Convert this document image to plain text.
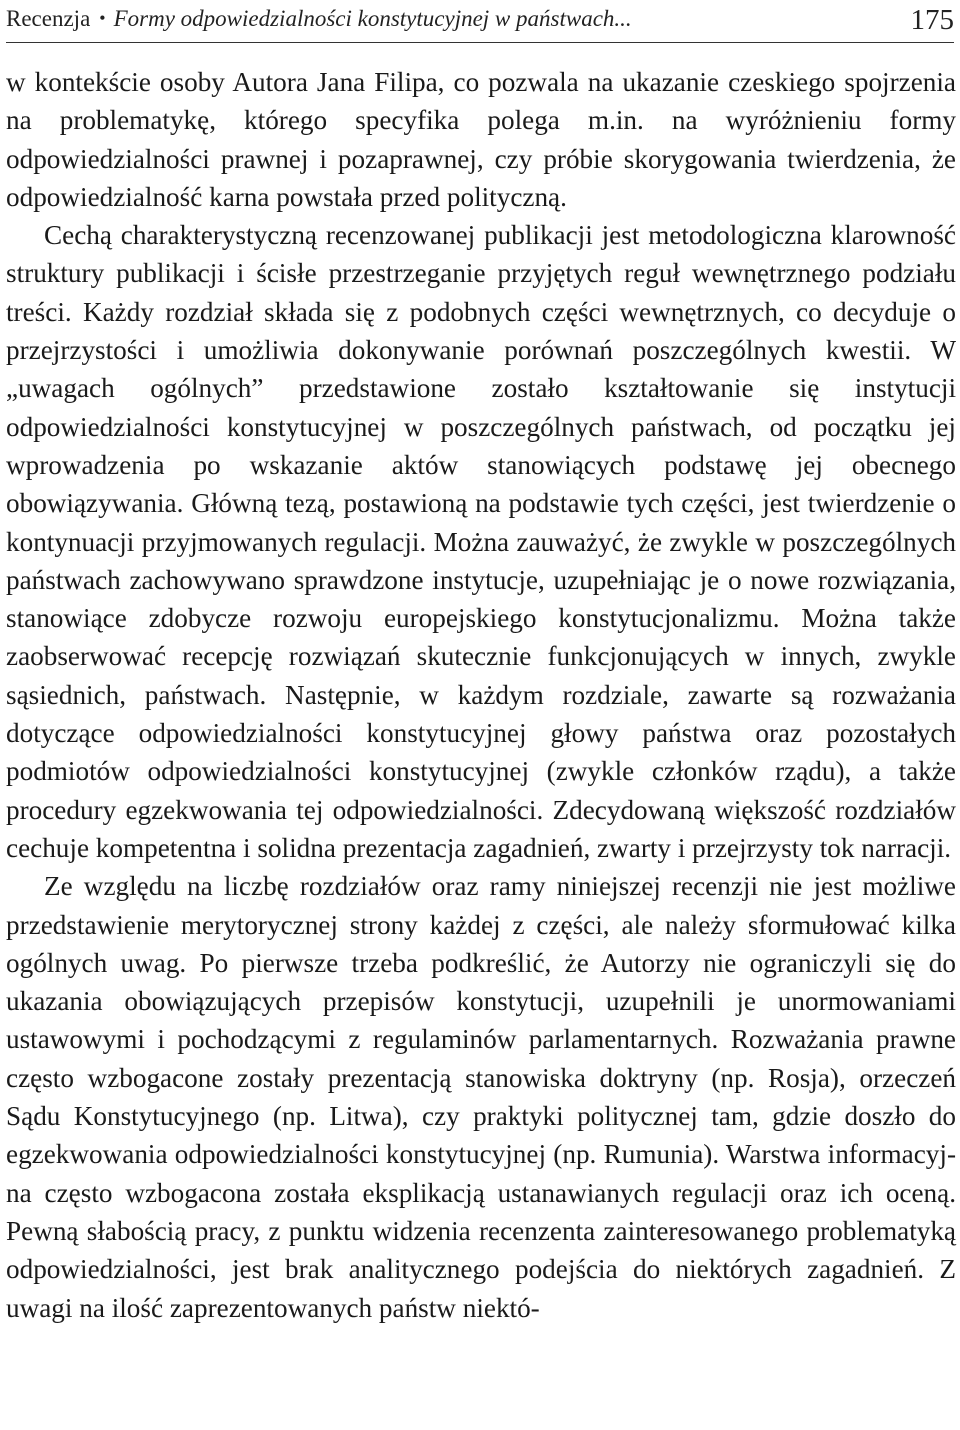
Recenzja • Formy odpowiedzialności konstytucyjnej w państwach...	175

w kontekście osoby Autora Jana Filipa, co pozwala na ukazanie czeskiego spojrzenia na problematykę, którego specyfika polega m.in. na wyróżnieniu formy odpowiedzialności prawnej i pozaprawnej, czy próbie skorygowania twierdzenia, że odpowiedzialność karna powstała przed polityczną.

Cechą charakterystyczną recenzowanej publikacji jest metodologiczna klarowność struktury publikacji i ścisłe przestrzeganie przyjętych reguł wewnętrznego podziału treści. Każdy rozdział składa się z podobnych części wewnętrznych, co decyduje o przejrzystości i umożliwia dokonywanie porównań poszczególnych kwestii. W „uwagach ogólnych” przedstawione zostało kształtowanie się instytucji odpowiedzialności konstytucyjnej w poszczególnych państwach, od początku jej wprowadzenia po wskazanie aktów stanowiących podstawę jej obecnego obowiązywania. Główną tezą, postawioną na podstawie tych części, jest twierdzenie o kontynuacji przyjmowanych regulacji. Można zauważyć, że zwykle w poszczególnych państwach zachowywano sprawdzone instytucje, uzupełniając je o nowe rozwiązania, stanowiące zdobycze rozwoju europejskiego konstytucjonalizmu. Można także zaobserwować recepcję rozwiązań skutecznie funkcjonujących w innych, zwykle sąsiednich, państwach. Następnie, w każdym rozdziale, zawarte są rozważania dotyczące odpowiedzialności konstytucyjnej głowy państwa oraz pozostałych podmiotów odpowiedzialności konstytucyjnej (zwykle członków rządu), a także procedury egzekwowania tej odpowiedzialności. Zdecydowaną większość rozdziałów cechuje kompetentna i solidna prezentacja zagadnień, zwarty i przejrzysty tok narracji.

Ze względu na liczbę rozdziałów oraz ramy niniejszej recenzji nie jest możliwe przedstawienie merytorycznej strony każdej z części, ale należy sformułować kilka ogólnych uwag. Po pierwsze trzeba podkreślić, że Autorzy nie ograniczyli się do ukazania obowiązujących przepisów konstytucji, uzupełnili je unormowaniami ustawowymi i pochodzącymi z regulaminów parlamentarnych. Rozważania prawne często wzbogacone zostały prezentacją stanowiska doktryny (np. Rosja), orzeczeń Sądu Konstytucyjnego (np. Litwa), czy praktyki politycznej tam, gdzie doszło do egzekwowania odpowiedzialności konstytucyjnej (np. Rumunia). Warstwa informacyjna często wzbogacona została eksplikacją ustanawianych regulacji oraz ich oceną. Pewną słabością pracy, z punktu widzenia recenzenta zainteresowanego problematyką odpowiedzialności, jest brak analitycznego podejścia do niektórych zagadnień. Z uwagi na ilość zaprezentowanych państw niektó-
